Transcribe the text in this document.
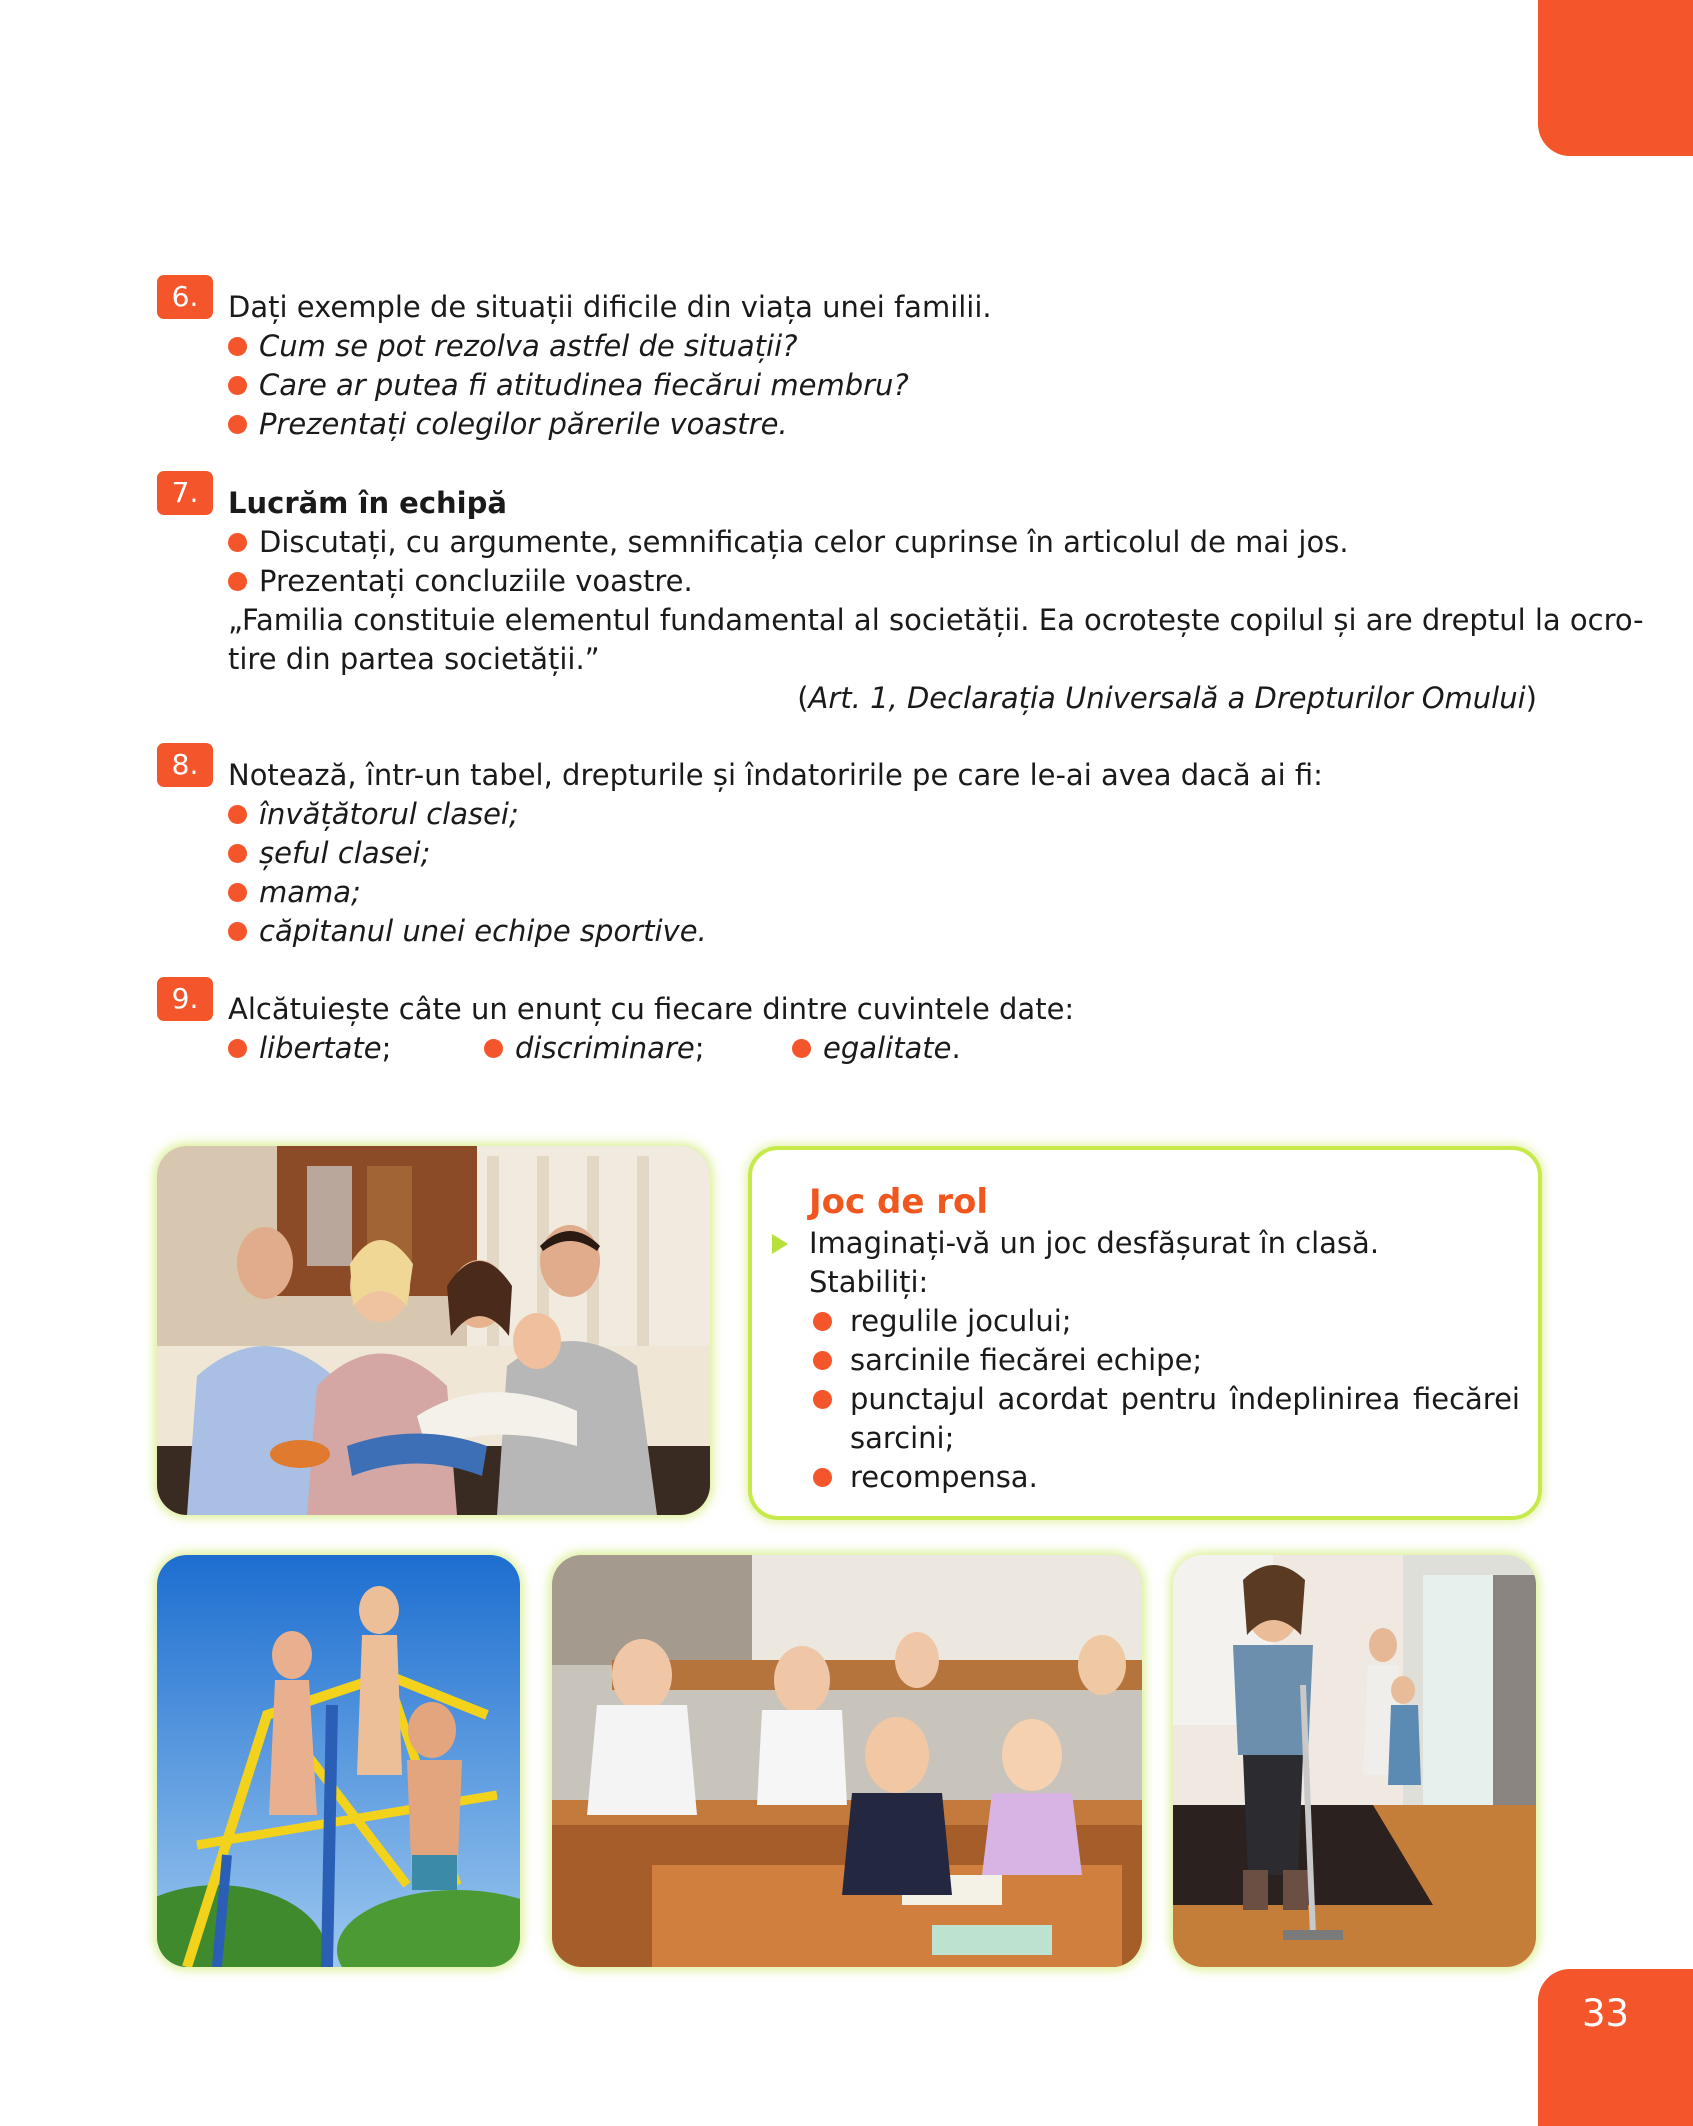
33
6.	Dați exemple de situații dificile din viața unei familii.
Cum se pot rezolva astfel de situații?
Care ar putea fi atitudinea fiecărui membru?
Prezentați colegilor părerile voastre.
7.	Lucrăm în echipă
Discutați, cu argumente, semnificația celor cuprinse în articolul de mai jos.
Prezentați concluziile voastre.
„Familia constituie elementul fundamental al societății. Ea ocrotește copilul și are dreptul la ocro-
tire din partea societății.”
(Art. 1, Declarația Universală a Drepturilor Omului)
8.	Notează, într-un tabel, drepturile și îndatoririle pe care le-ai avea dacă ai fi:
învățătorul clasei;
șeful clasei;
mama;
căpitanul unei echipe sportive.
9.	Alcătuiește câte un enunț cu fiecare dintre cuvintele date:
libertate ;	discriminare ;	egalitate .
Joc de rol
Imaginați-vă un joc desfășurat în clasă.
Stabiliți:
regulile jocului;
sarcinile fiecărei echipe;
punctajul acordat pentru îndeplinirea fiecărei
sarcini;
recompensa.
